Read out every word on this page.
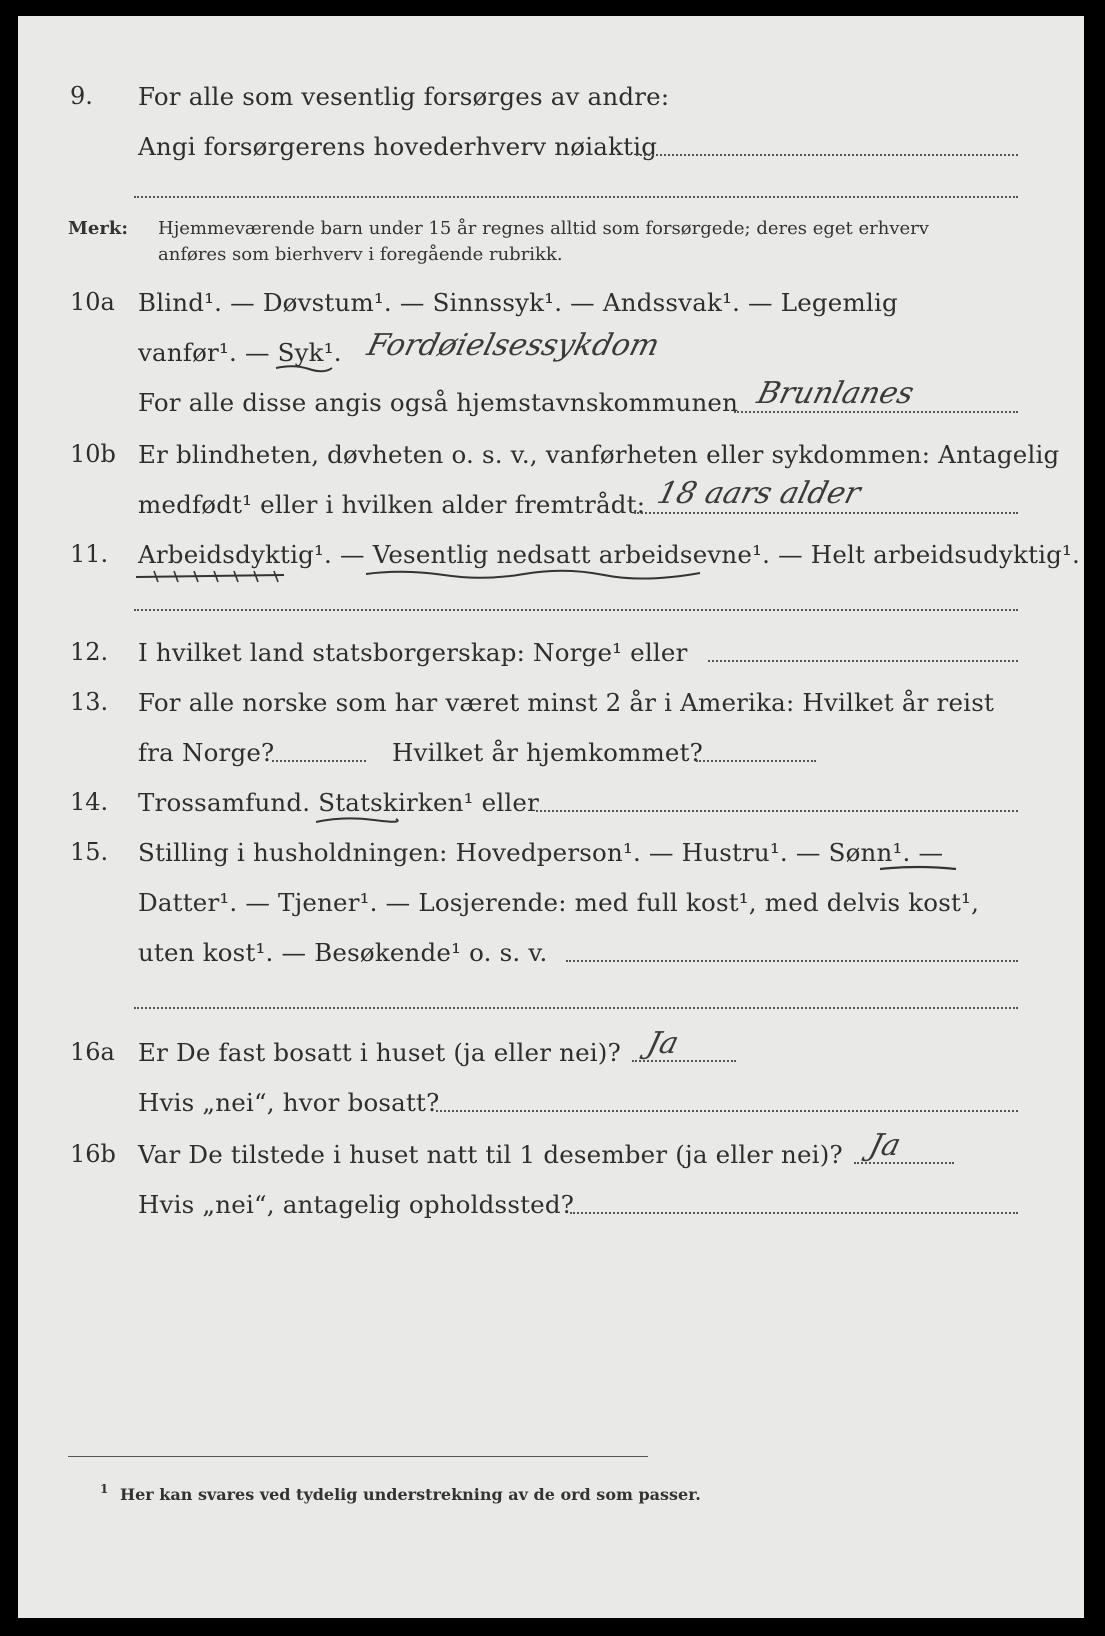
9. For alle som vesentlig forsørges av andre:
Angi forsørgerens hovederhverv nøiaktig
Merk: Hjemmeværende barn under 15 år regnes alltid som forsørgede; deres eget erhverv
anføres som bierhverv i foregående rubrikk.
10a Blind¹. — Døvstum¹. — Sinnssyk¹. — Andssvak¹. — Legemlig
vanfør¹. — Syk¹. Fordøielsessykdom
For alle disse angis også hjemstavnskommunen Brunlanes
10b Er blindheten, døvheten o. s. v., vanførheten eller sykdommen: Antagelig
medfødt¹ eller i hvilken alder fremtrådt: 18 aars alder
11. Arbeidsdyktig¹. — Vesentlig nedsatt arbeidsevne¹. — Helt arbeidsudyktig¹.
12. I hvilket land statsborgerskap: Norge¹ eller
13. For alle norske som har været minst 2 år i Amerika: Hvilket år reist
fra Norge?	Hvilket år hjemkommet?
14. Trossamfund. Statskirken¹ eller
15. Stilling i husholdningen: Hovedperson¹. — Hustru¹. — Sønn¹. —
Datter¹. — Tjener¹. — Losjerende: med full kost¹, med delvis kost¹,
uten kost¹. — Besøkende¹ o. s. v.
16a Er De fast bosatt i huset (ja eller nei)? Ja
Hvis „nei“, hvor bosatt?
16b Var De tilstede i huset natt til 1 desember (ja eller nei)? Ja
Hvis „nei“, antagelig opholdssted?
1 Her kan svares ved tydelig understrekning av de ord som passer.
